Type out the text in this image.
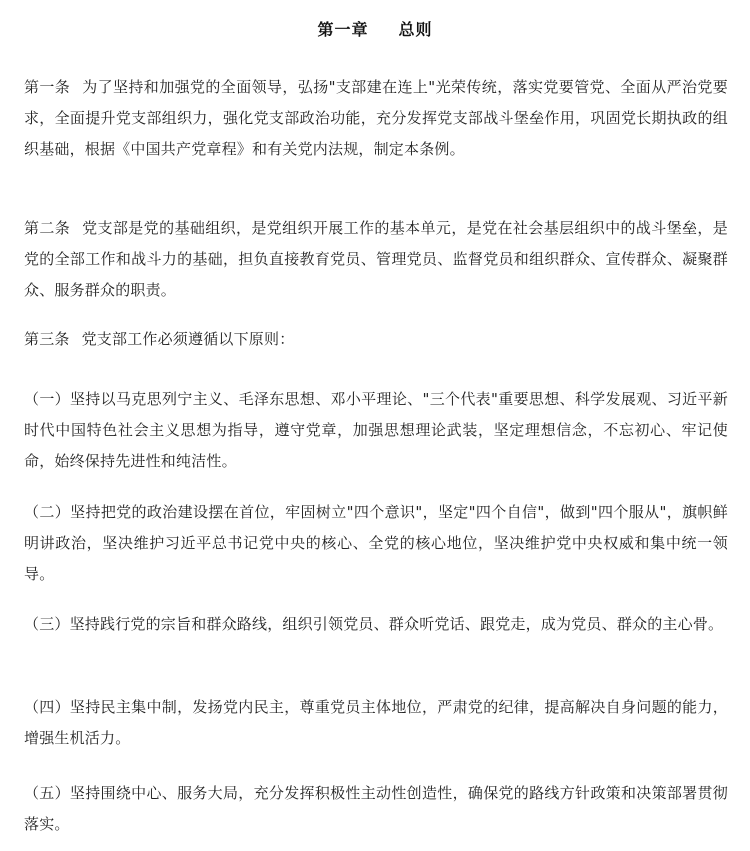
第一章 总则

第一条 为了坚持和加强党的全面领导，弘扬"支部建在连上"光荣传统，落实党要管党、全面从严治党要求，全面提升党支部组织力，强化党支部政治功能，充分发挥党支部战斗堡垒作用，巩固党长期执政的组织基础，根据《中国共产党章程》和有关党内法规，制定本条例。

第二条 党支部是党的基础组织，是党组织开展工作的基本单元，是党在社会基层组织中的战斗堡垒，是党的全部工作和战斗力的基础，担负直接教育党员、管理党员、监督党员和组织群众、宣传群众、凝聚群众、服务群众的职责。

第三条 党支部工作必须遵循以下原则：

（一）坚持以马克思列宁主义、毛泽东思想、邓小平理论、"三个代表"重要思想、科学发展观、习近平新时代中国特色社会主义思想为指导，遵守党章，加强思想理论武装，坚定理想信念，不忘初心、牢记使命，始终保持先进性和纯洁性。

（二）坚持把党的政治建设摆在首位，牢固树立"四个意识"，坚定"四个自信"，做到"四个服从"，旗帜鲜明讲政治，坚决维护习近平总书记党中央的核心、全党的核心地位，坚决维护党中央权威和集中统一领导。

（三）坚持践行党的宗旨和群众路线，组织引领党员、群众听党话、跟党走，成为党员、群众的主心骨。

（四）坚持民主集中制，发扬党内民主，尊重党员主体地位，严肃党的纪律，提高解决自身问题的能力，增强生机活力。

（五）坚持围绕中心、服务大局，充分发挥积极性主动性创造性，确保党的路线方针政策和决策部署贯彻落实。
